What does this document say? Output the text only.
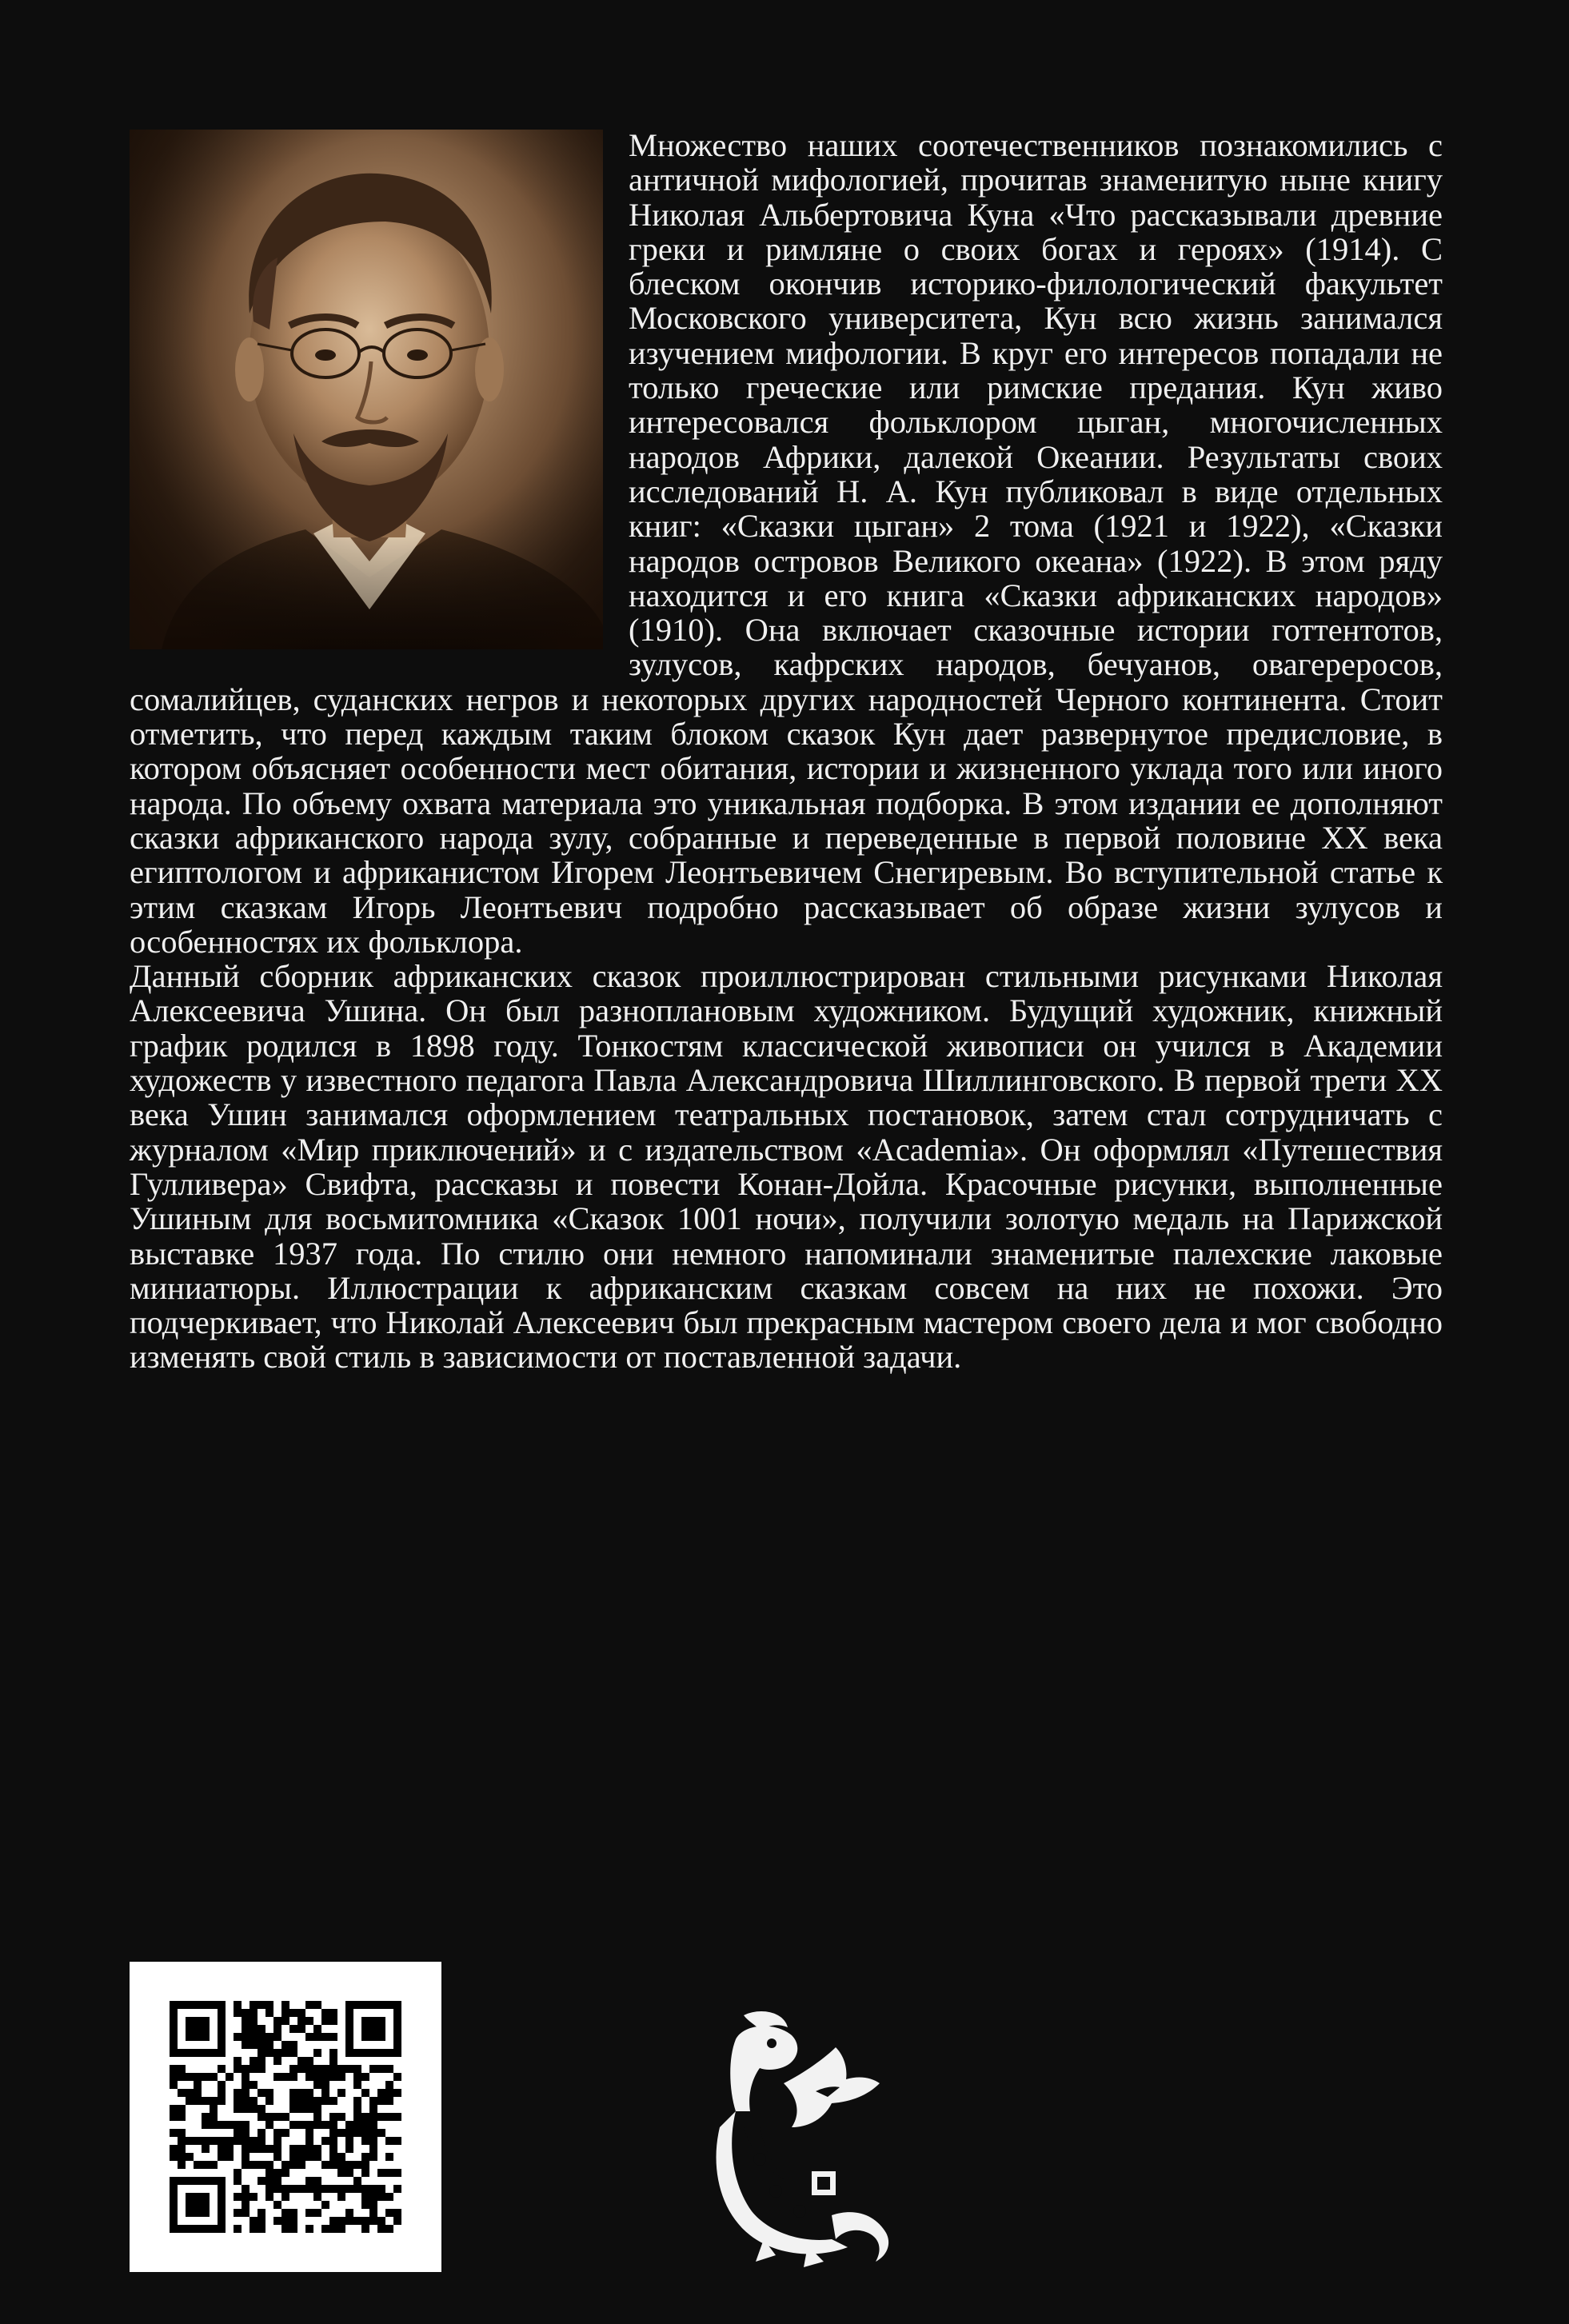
Множество наших соотечественников познакомились с античной мифологией, прочитав знаменитую ныне книгу Николая Альбертовича Куна «Что рассказывали древние греки и римляне о своих богах и героях» (1914). С блеском окончив историко-филологический факультет Московского университета, Кун всю жизнь занимался изучением мифологии. В круг его интересов попадали не только греческие или римские предания. Кун живо интересовался фольклором цыган, многочисленных народов Африки, далекой Океании. Результаты своих исследований Н. А. Кун публиковал в виде отдельных книг: «Сказки цыган» 2 тома (1921 и 1922), «Сказки народов островов Великого океана» (1922). В этом ряду находится и его книга «Сказки африканских народов» (1910). Она включает сказочные истории готтентотов, зулусов, кафрских народов, бечуанов, овагереросов, сомалийцев, суданских негров и некоторых других народностей Черного континента. Стоит отметить, что перед каждым таким блоком сказок Кун дает развернутое предисловие, в котором объясняет особенности мест обитания, истории и жизненного уклада того или иного народа. По объему охвата материала это уникальная подборка. В этом издании ее дополняют сказки африканского народа зулу, собранные и переведенные в первой половине XX века египтологом и африканистом Игорем Леонтьевичем Снегиревым. Во вступительной статье к этим сказкам Игорь Леонтьевич подробно рассказывает об образе жизни зулусов и особенностях их фольклора.

Данный сборник африканских сказок проиллюстрирован стильными рисунками Николая Алексеевича Ушина. Он был разноплановым художником. Будущий художник, книжный график родился в 1898 году. Тонкостям классической живописи он учился в Академии художеств у известного педагога Павла Александровича Шиллинговского. В первой трети XX века Ушин занимался оформлением театральных постановок, затем стал сотрудничать с журналом «Мир приключений» и с издательством «Academia». Он оформлял «Путешествия Гулливера» Свифта, рассказы и повести Конан-Дойла. Красочные рисунки, выполненные Ушиным для восьмитомника «Сказок 1001 ночи», получили золотую медаль на Парижской выставке 1937 года. По стилю они немного напоминали знаменитые палехские лаковые миниатюры. Иллюстрации к африканским сказкам совсем на них не похожи. Это подчеркивает, что Николай Алексеевич был прекрасным мастером своего дела и мог свободно изменять свой стиль в зависимости от поставленной задачи.
